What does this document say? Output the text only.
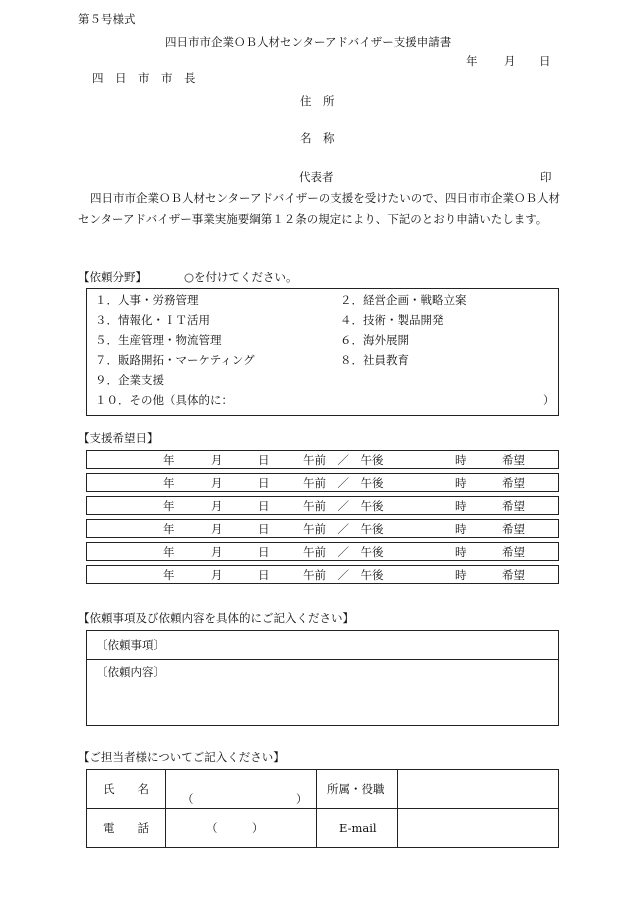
第５号様式
四日市市企業ＯＢ人材センターアドバイザー支援申請書
年 月 日
四　日　市　市　長
住　所
名　称
代表者	印
四日市市企業ＯＢ人材センターアドバイザーの支援を受けたいので、四日市市企業ＯＢ人材センターアドバイザー事業実施要綱第１２条の規定により、下記のとおり申請いたします。
【依頼分野】	○を付けてください。
１．人事・労務管理	２．経営企画・戦略立案
３．情報化・ＩＴ活用	４．技術・製品開発
５．生産管理・物流管理	６．海外展開
７．販路開拓・マーケティング	８．社員教育
９．企業支援
１０．その他（具体的に：	）
【支援希望日】
年	月	日	午前　／　午後	時	希望
年	月	日	午前　／　午後	時	希望
年	月	日	午前　／　午後	時	希望
年	月	日	午前　／　午後	時	希望
年	月	日	午前　／　午後	時	希望
年	月	日	午前　／　午後	時	希望
【依頼事項及び依頼内容を具体的にご記入ください】
〔依頼事項〕
〔依頼内容〕
【ご担当者様についてご記入ください】
氏　　名	（ ）	所属・役職	

電　　話	（　　　）	E-mail	
